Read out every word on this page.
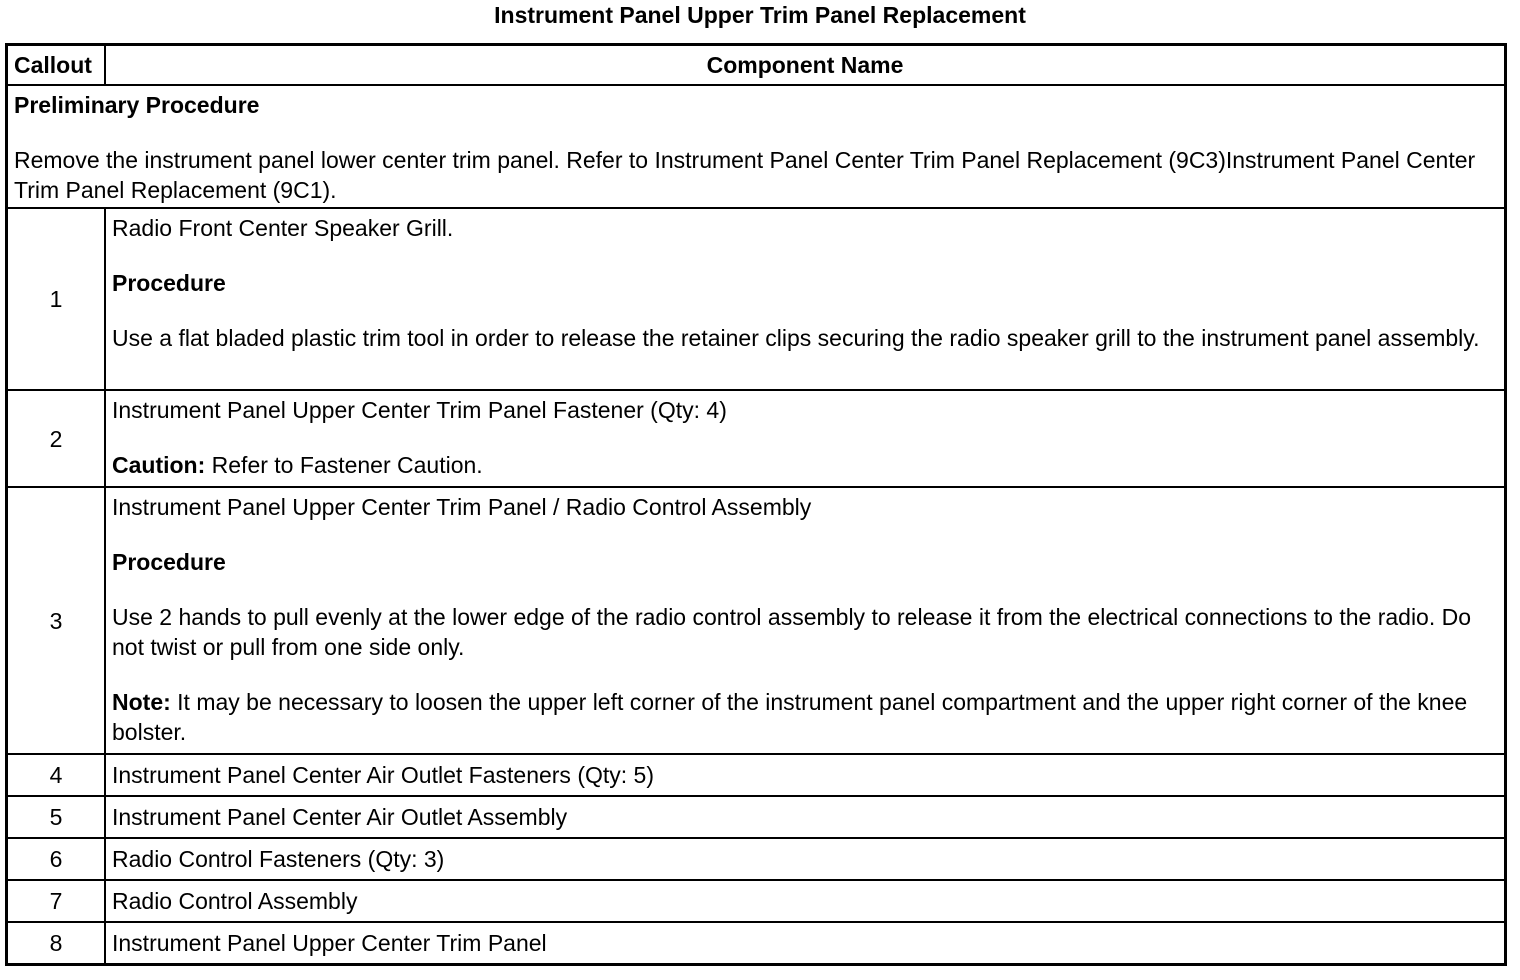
Instrument Panel Upper Trim Panel Replacement
Callout	Component Name

Preliminary Procedure

Remove the instrument panel lower center trim panel. Refer to Instrument Panel Center Trim Panel Replacement (9C3)Instrument Panel Center Trim Panel Replacement (9C1).	

1	Radio Front Center Speaker Grill.

Procedure

Use a flat bladed plastic trim tool in order to release the retainer clips securing the radio speaker grill to the instrument panel assembly.

2	Instrument Panel Upper Center Trim Panel Fastener (Qty: 4)

Caution: Refer to Fastener Caution.

3	Instrument Panel Upper Center Trim Panel / Radio Control Assembly

Procedure

Use 2 hands to pull evenly at the lower edge of the radio control assembly to release it from the electrical connections to the radio. Do not twist or pull from one side only.

Note: It may be necessary to loosen the upper left corner of the instrument panel compartment and the upper right corner of the knee bolster.

4	Instrument Panel Center Air Outlet Fasteners (Qty: 5)
5	Instrument Panel Center Air Outlet Assembly
6	Radio Control Fasteners (Qty: 3)
7	Radio Control Assembly
8	Instrument Panel Upper Center Trim Panel
